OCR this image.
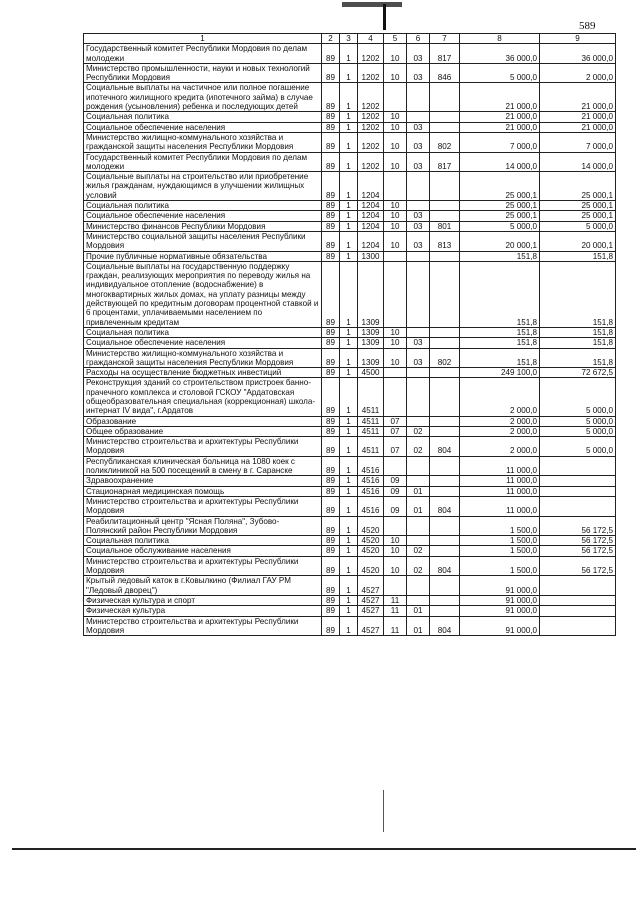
589
1	2	3	4	5	6	7	8	9
Государственный комитет Республики Мордовия по делам молодежи	89	1	1202	10	03	817	36 000,0	36 000,0
Министерство промышленности, науки и новых технологий Республики Мордовия	89	1	1202	10	03	846	5 000,0	2 000,0
Социальные выплаты на частичное или полное погашение ипотечного жилищного кредита (ипотечного займа) в случае рождения (усыновления) ребенка и последующих детей	89	1	1202				21 000,0	21 000,0
Социальная политика	89	1	1202	10			21 000,0	21 000,0
Социальное обеспечение населения	89	1	1202	10	03		21 000,0	21 000,0
Министерство жилищно-коммунального хозяйства и гражданской защиты населения Республики Мордовия	89	1	1202	10	03	802	7 000,0	7 000,0
Государственный комитет Республики Мордовия по делам молодежи	89	1	1202	10	03	817	14 000,0	14 000,0
Социальные выплаты на строительство или приобретение жилья гражданам, нуждающимся в улучшении жилищных условий	89	1	1204				25 000,1	25 000,1
Социальная политика	89	1	1204	10			25 000,1	25 000,1
Социальное обеспечение населения	89	1	1204	10	03		25 000,1	25 000,1
Министерство финансов Республики Мордовия	89	1	1204	10	03	801	5 000,0	5 000,0
Министерство социальной защиты населения Республики Мордовия	89	1	1204	10	03	813	20 000,1	20 000,1
Прочие публичные нормативные обязательства	89	1	1300				151,8	151,8
Социальные выплаты на государственную поддержку граждан, реализующих мероприятия по переводу жилья на индивидуальное отопление (водоснабжение) в многоквартирных жилых домах, на уплату разницы между действующей по кредитным договорам процентной ставкой и 6 процентами, уплачиваемыми населением по привлеченным кредитам	89	1	1309				151,8	151,8
Социальная политика	89	1	1309	10			151,8	151,8
Социальное обеспечение населения	89	1	1309	10	03		151,8	151,8
Министерство жилищно-коммунального хозяйства и гражданской защиты населения Республики Мордовия	89	1	1309	10	03	802	151,8	151,8
Расходы на осуществление бюджетных инвестиций	89	1	4500				249 100,0	72 672,5
Реконструкция зданий со строительством пристроек банно-прачечного комплекса и столовой ГСКОУ "Ардатовская общеобразовательная специальная (коррекционная) школа-интернат IV вида", г.Ардатов	89	1	4511				2 000,0	5 000,0
Образование	89	1	4511	07			2 000,0	5 000,0
Общее образование	89	1	4511	07	02		2 000,0	5 000,0
Министерство строительства и архитектуры Республики Мордовия	89	1	4511	07	02	804	2 000,0	5 000,0
Республиканская клиническая больница на 1080 коек с поликлиникой на 500 посещений в смену в г. Саранске	89	1	4516				11 000,0	
Здравоохранение	89	1	4516	09			11 000,0	
Стационарная медицинская помощь	89	1	4516	09	01		11 000,0	
Министерство строительства и архитектуры Республики Мордовия	89	1	4516	09	01	804	11 000,0	
Реабилитационный центр "Ясная Поляна", Зубово-Полянский район Республики Мордовия	89	1	4520				1 500,0	56 172,5
Социальная политика	89	1	4520	10			1 500,0	56 172,5
Социальное обслуживание населения	89	1	4520	10	02		1 500,0	56 172,5
Министерство строительства и архитектуры Республики Мордовия	89	1	4520	10	02	804	1 500,0	56 172,5
Крытый ледовый каток в г.Ковылкино (Филиал ГАУ РМ "Ледовый дворец")	89	1	4527				91 000,0	
Физическая культура и спорт	89	1	4527	11			91 000,0	
Физическая культура	89	1	4527	11	01		91 000,0	
Министерство строительства и архитектуры Республики Мордовия	89	1	4527	11	01	804	91 000,0	
